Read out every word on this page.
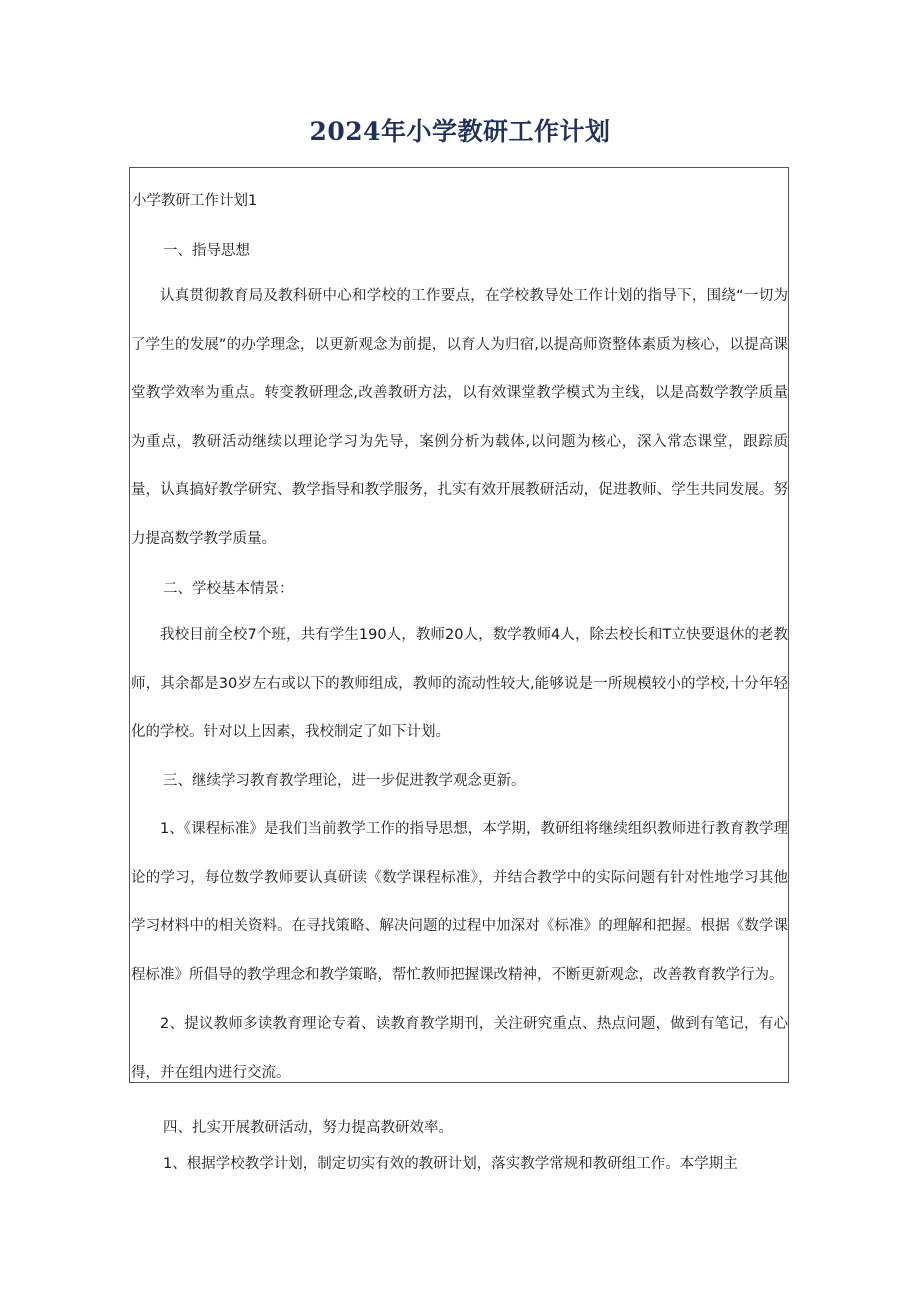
2024年小学教研工作计划

小学教研工作计划1

一、指导思想

认真贯彻教育局及教科研中心和学校的工作要点，在学校教导处工作计划的指导下，围绕“一切为了学生的发展”的办学理念，以更新观念为前提，以育人为归宿,以提高师资整体素质为核心，以提高课堂教学效率为重点。转变教研理念,改善教研方法，以有效课堂教学模式为主线，以是高数学教学质量为重点，教研活动继续以理论学习为先导，案例分析为载体,以问题为核心，深入常态课堂，跟踪质量，认真搞好教学研究、教学指导和教学服务，扎实有效开展教研活动，促进教师、学生共同发展。努力提高数学教学质量。

二、学校基本情景：

我校目前全校7个班，共有学生190人，教师20人，数学教师4人，除去校长和T立快要退休的老教师，其余都是30岁左右或以下的教师组成，教师的流动性较大,能够说是一所规模较小的学校,十分年轻化的学校。针对以上因素，我校制定了如下计划。

三、继续学习教育教学理论，进一步促进教学观念更新。

1、《课程标准》是我们当前教学工作的指导思想，本学期，教研组将继续组织教师进行教育教学理论的学习，每位数学教师要认真研读《数学课程标准》，并结合教学中的实际问题有针对性地学习其他学习材料中的相关资料。在寻找策略、解决问题的过程中加深对《标准》的理解和把握。根据《数学课程标准》所倡导的教学理念和教学策略，帮忙教师把握课改精神，不断更新观念，改善教育教学行为。

2、提议教师多读教育理论专着、读教育教学期刊，关注研究重点、热点问题，做到有笔记，有心得，并在组内进行交流。

四、扎实开展教研活动，努力提高教研效率。

1、根据学校教学计划，制定切实有效的教研计划，落实教学常规和教研组工作。本学期主
